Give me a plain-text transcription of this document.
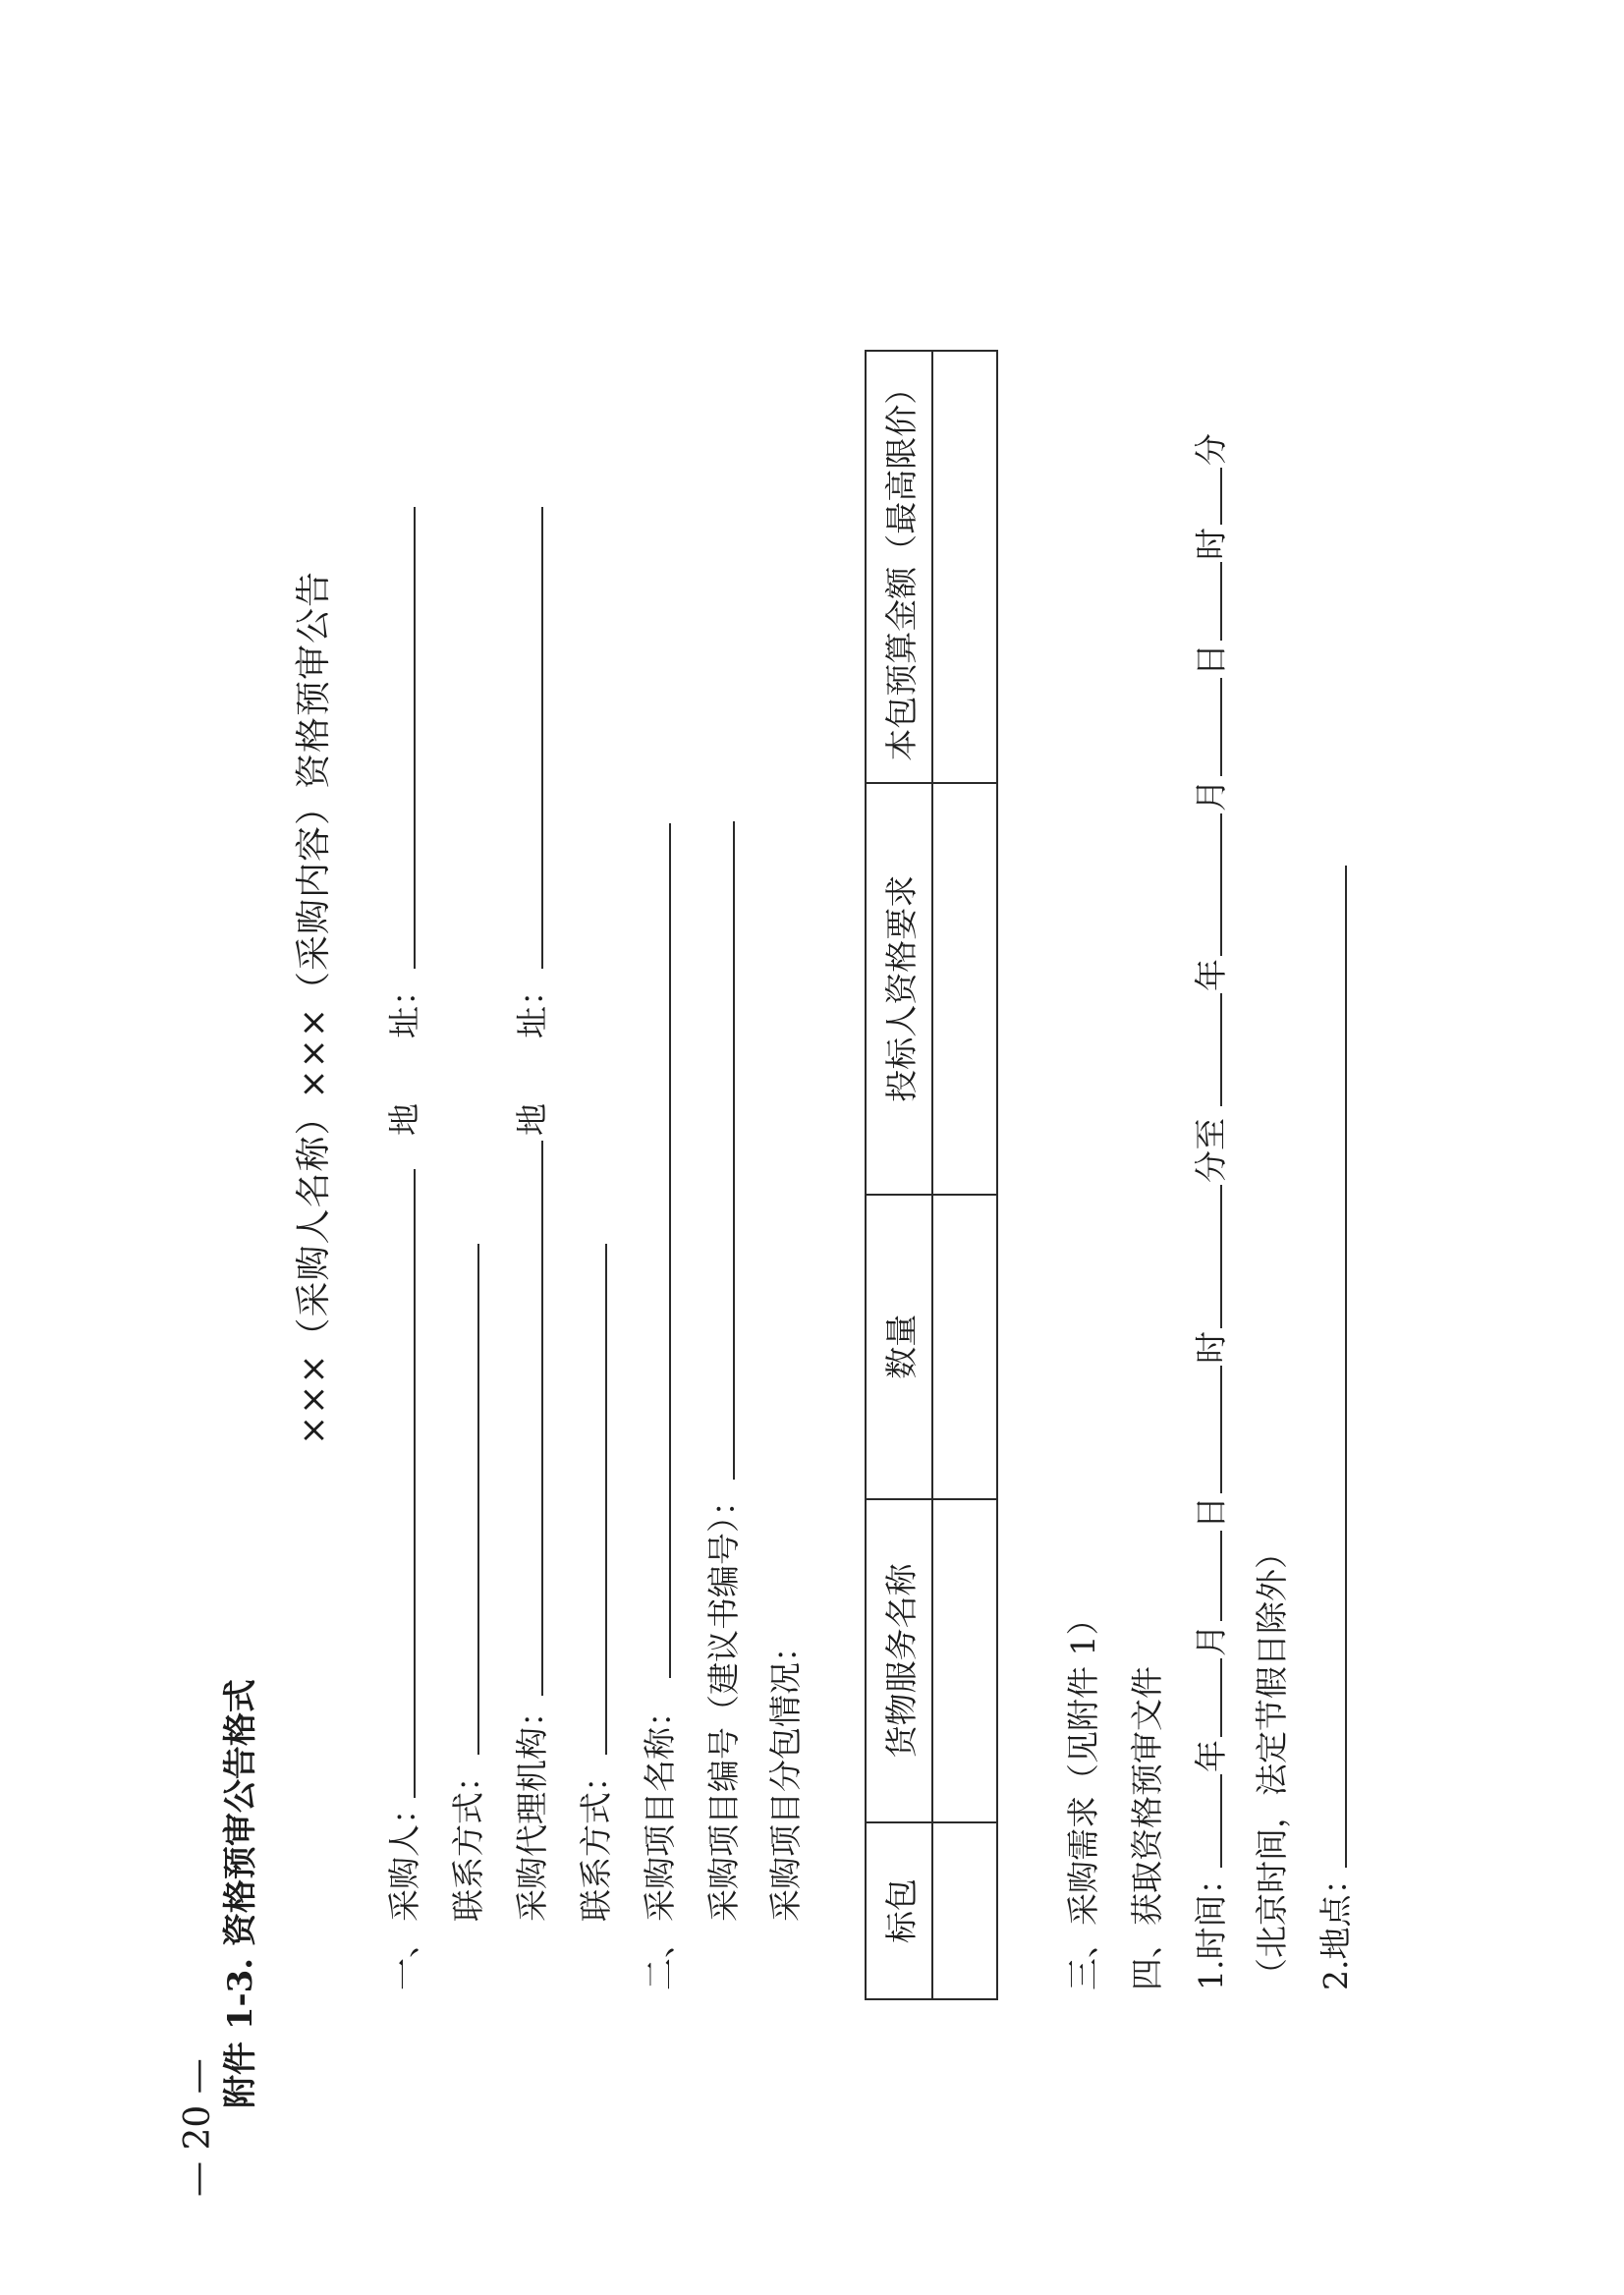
— 20 —
附件 1-3. 资格预审公告格式
×××（采购人名称）×××（采购内容）资格预审公告
一、
采购人：
地　　址：
联系方式： 采购代理机构：
地　　址：
联系方式：
二、
采购项目名称： 采购项目编号（建议书编号）： 采购项目分包情况： 标包	货物服务名称	数量	投标人资格要求	本包预算金额（最高限价）

三、采购需求（见附件 1） 四、获取资格预审文件 1.时间：
年
月
日
时
分至
年
月
日
时
分
（北京时间，法定节假日除外） 2.地点：
